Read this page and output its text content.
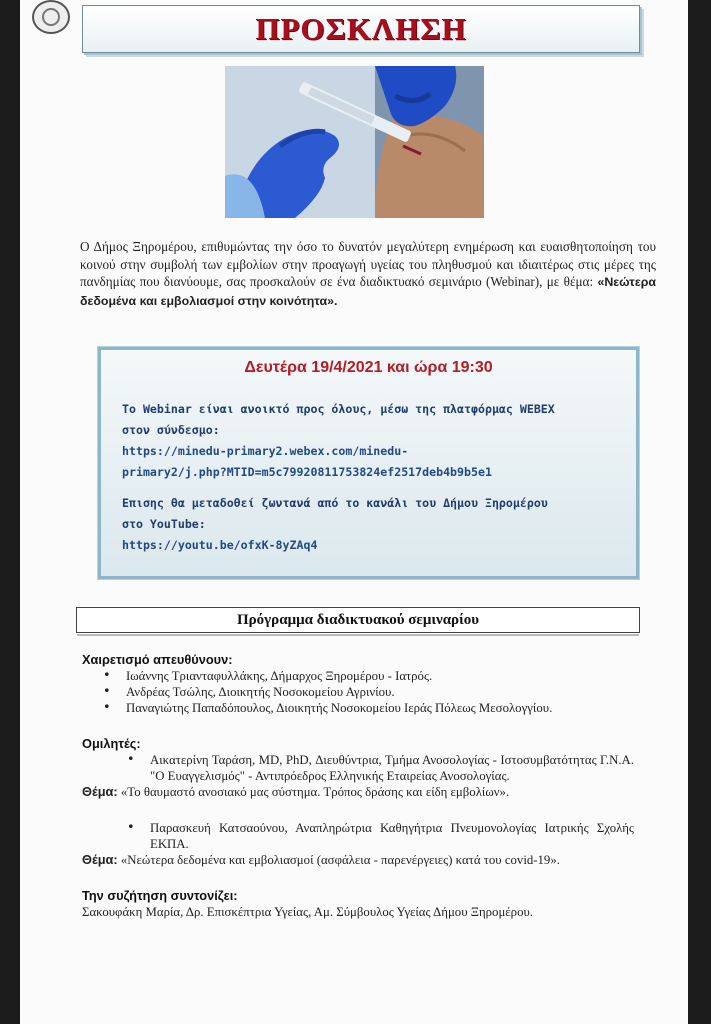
ΠΡΟΣΚΛΗΣΗ
Ο Δήμος Ξηρομέρου, επιθυμώντας την όσο το δυνατόν μεγαλύτερη ενημέρωση και ευαισθητοποίηση του κοινού στην συμβολή των εμβολίων στην προαγωγή υγείας του πληθυσμού και ιδιαιτέρως στις μέρες της πανδημίας που διανύουμε, σας προσκαλούν σε ένα διαδικτυακό σεμινάριο (Webinar), με θέμα: «Νεώτερα δεδομένα και εμβολιασμοί στην κοινότητα».
Δευτέρα 19/4/2021 και ώρα 19:30
Το Webinar είναι ανοικτό προς όλους, μέσω της πλατφόρμας WEBEX
στον σύνδεσμο:
https://minedu-primary2.webex.com/minedu-
primary2/j.php?MTID=m5c79920811753824ef2517deb4b9b5e1
Επισης θα μεταδοθεί ζωντανά από το κανάλι του Δήμου Ξηρομέρου
στο YouTube:
https://youtu.be/ofxK-8yZAq4
Πρόγραμμα διαδικτυακού σεμιναρίου
Χαιρετισμό απευθύνουν:
• Ιωάννης Τριανταφυλλάκης, Δήμαρχος Ξηρομέρου - Ιατρός.
• Ανδρέας Τσώλης, Διοικητής Νοσοκομείου Αγρινίου.
• Παναγιώτης Παπαδόπουλος, Διοικητής Νοσοκομείου Ιεράς Πόλεως Μεσολογγίου.
Ομιλητές:
• Αικατερίνη Ταράση, MD, PhD, Διευθύντρια, Τμήμα Ανοσολογίας - Ιστοσυμβατότητας Γ.Ν.Α. "Ο Ευαγγελισμός" - Αντιπρόεδρος Ελληνικής Εταιρείας Ανοσολογίας.
Θέμα: «Το θαυμαστό ανοσιακό μας σύστημα. Τρόπος δράσης και είδη εμβολίων».
• Παρασκευή Κατσαούνου, Αναπληρώτρια Καθηγήτρια Πνευμονολογίας Ιατρικής Σχολής ΕΚΠΑ.
Θέμα: «Νεώτερα δεδομένα και εμβολιασμοί (ασφάλεια - παρενέργειες) κατά του covid-19».
Την συζήτηση συντονίζει:
Σακουφάκη Μαρία, Δρ. Επισκέπτρια Υγείας, Αμ. Σύμβουλος Υγείας Δήμου Ξηρομέρου.
